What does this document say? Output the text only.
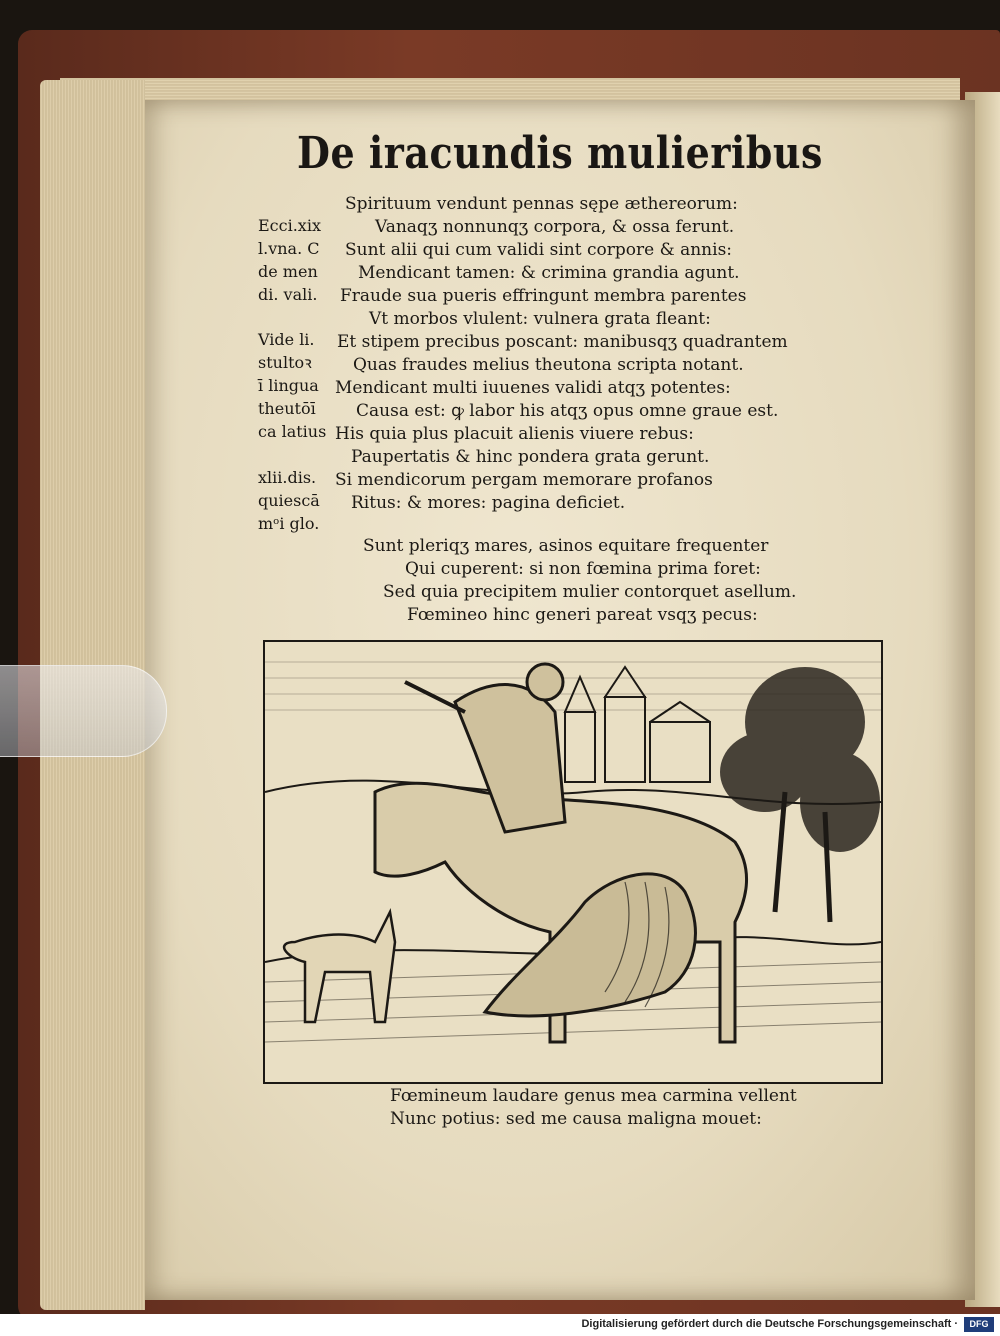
De iracundis mulieribus
Spirituum vendunt pennas sępe æthereorum:
Vanaqʒ nonnunqʒ corpora, & ossa ferunt.
Sunt alii qui cum validi sint corpore & annis:
Mendicant tamen: & crimina grandia agunt.
Fraude sua pueris effringunt membra parentes
Vt morbos vlulent: vulnera grata fleant:
Et stipem precibus poscant: manibusqʒ quadrantem
Quas fraudes melius theutona scripta notant.
Mendicant multi iuuenes validi atqʒ potentes:
Causa est: ꝙ labor his atqʒ opus omne graue est.
His quia plus placuit alienis viuere rebus:
Paupertatis & hinc pondera grata gerunt.
Si mendicorum pergam memorare profanos
Ritus: & mores: pagina deficiet.
Sunt pleriqʒ mares, asinos equitare frequenter
Qui cuperent: si non fœmina prima foret:
Sed quia precipitem mulier contorquet asellum.
Fœmineo hinc generi pareat vsqʒ pecus:
Ecci.xix
l.vna. C
de men
di. vali.
Vide li.
stultoꝛ
ī lingua
theutōī
ca latius
xlii.dis.
quiescā
mᵒi glo.
Fœmineum laudare genus mea carmina vellent
Nunc potius: sed me causa maligna mouet:
Digitalisierung gefördert durch die Deutsche Forschungsgemeinschaft ·	DFG
